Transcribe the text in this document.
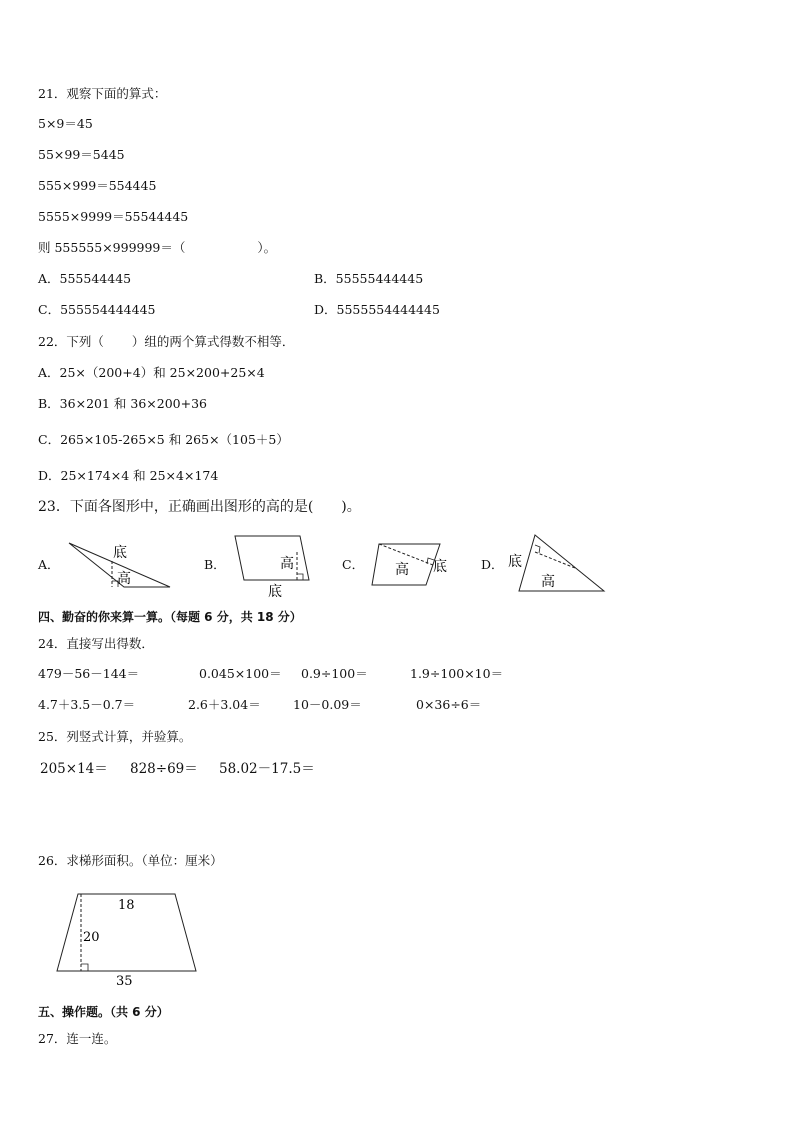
21．观察下面的算式：
5×9＝45
55×99＝5445
555×999＝554445
5555×9999＝55544445
则 555555×999999＝（	）。
A．555544445	B．55555444445
C．555554444445	D．5555554444445
22．下列（ ）组的两个算式得数不相等．
A．25×（200+4）和 25×200+25×4
B．36×201 和 36×200+36
C．265×105-265×5 和 265×（105＋5）
D．25×174×4 和 25×4×174
23．下面各图形中，正确画出图形的高的是(　　)。
A．	B．	C．	D．
底
高
高
底
高 底	底
高
四、勤奋的你来算一算。（每题 6 分，共 18 分）
24．直接写出得数．
479－56－144＝	0.045×100＝ 0.9÷100＝	1.9÷100×10＝
4.7＋3.5－0.7＝	2.6＋3.04＝	10－0.09＝	0×36÷6＝
25．列竖式计算，并验算。
205×14＝ 828÷69＝ 58.02－17.5＝
26．求梯形面积。（单位：厘米）
18
20
35
五、操作题。（共 6 分）
27．连一连。
